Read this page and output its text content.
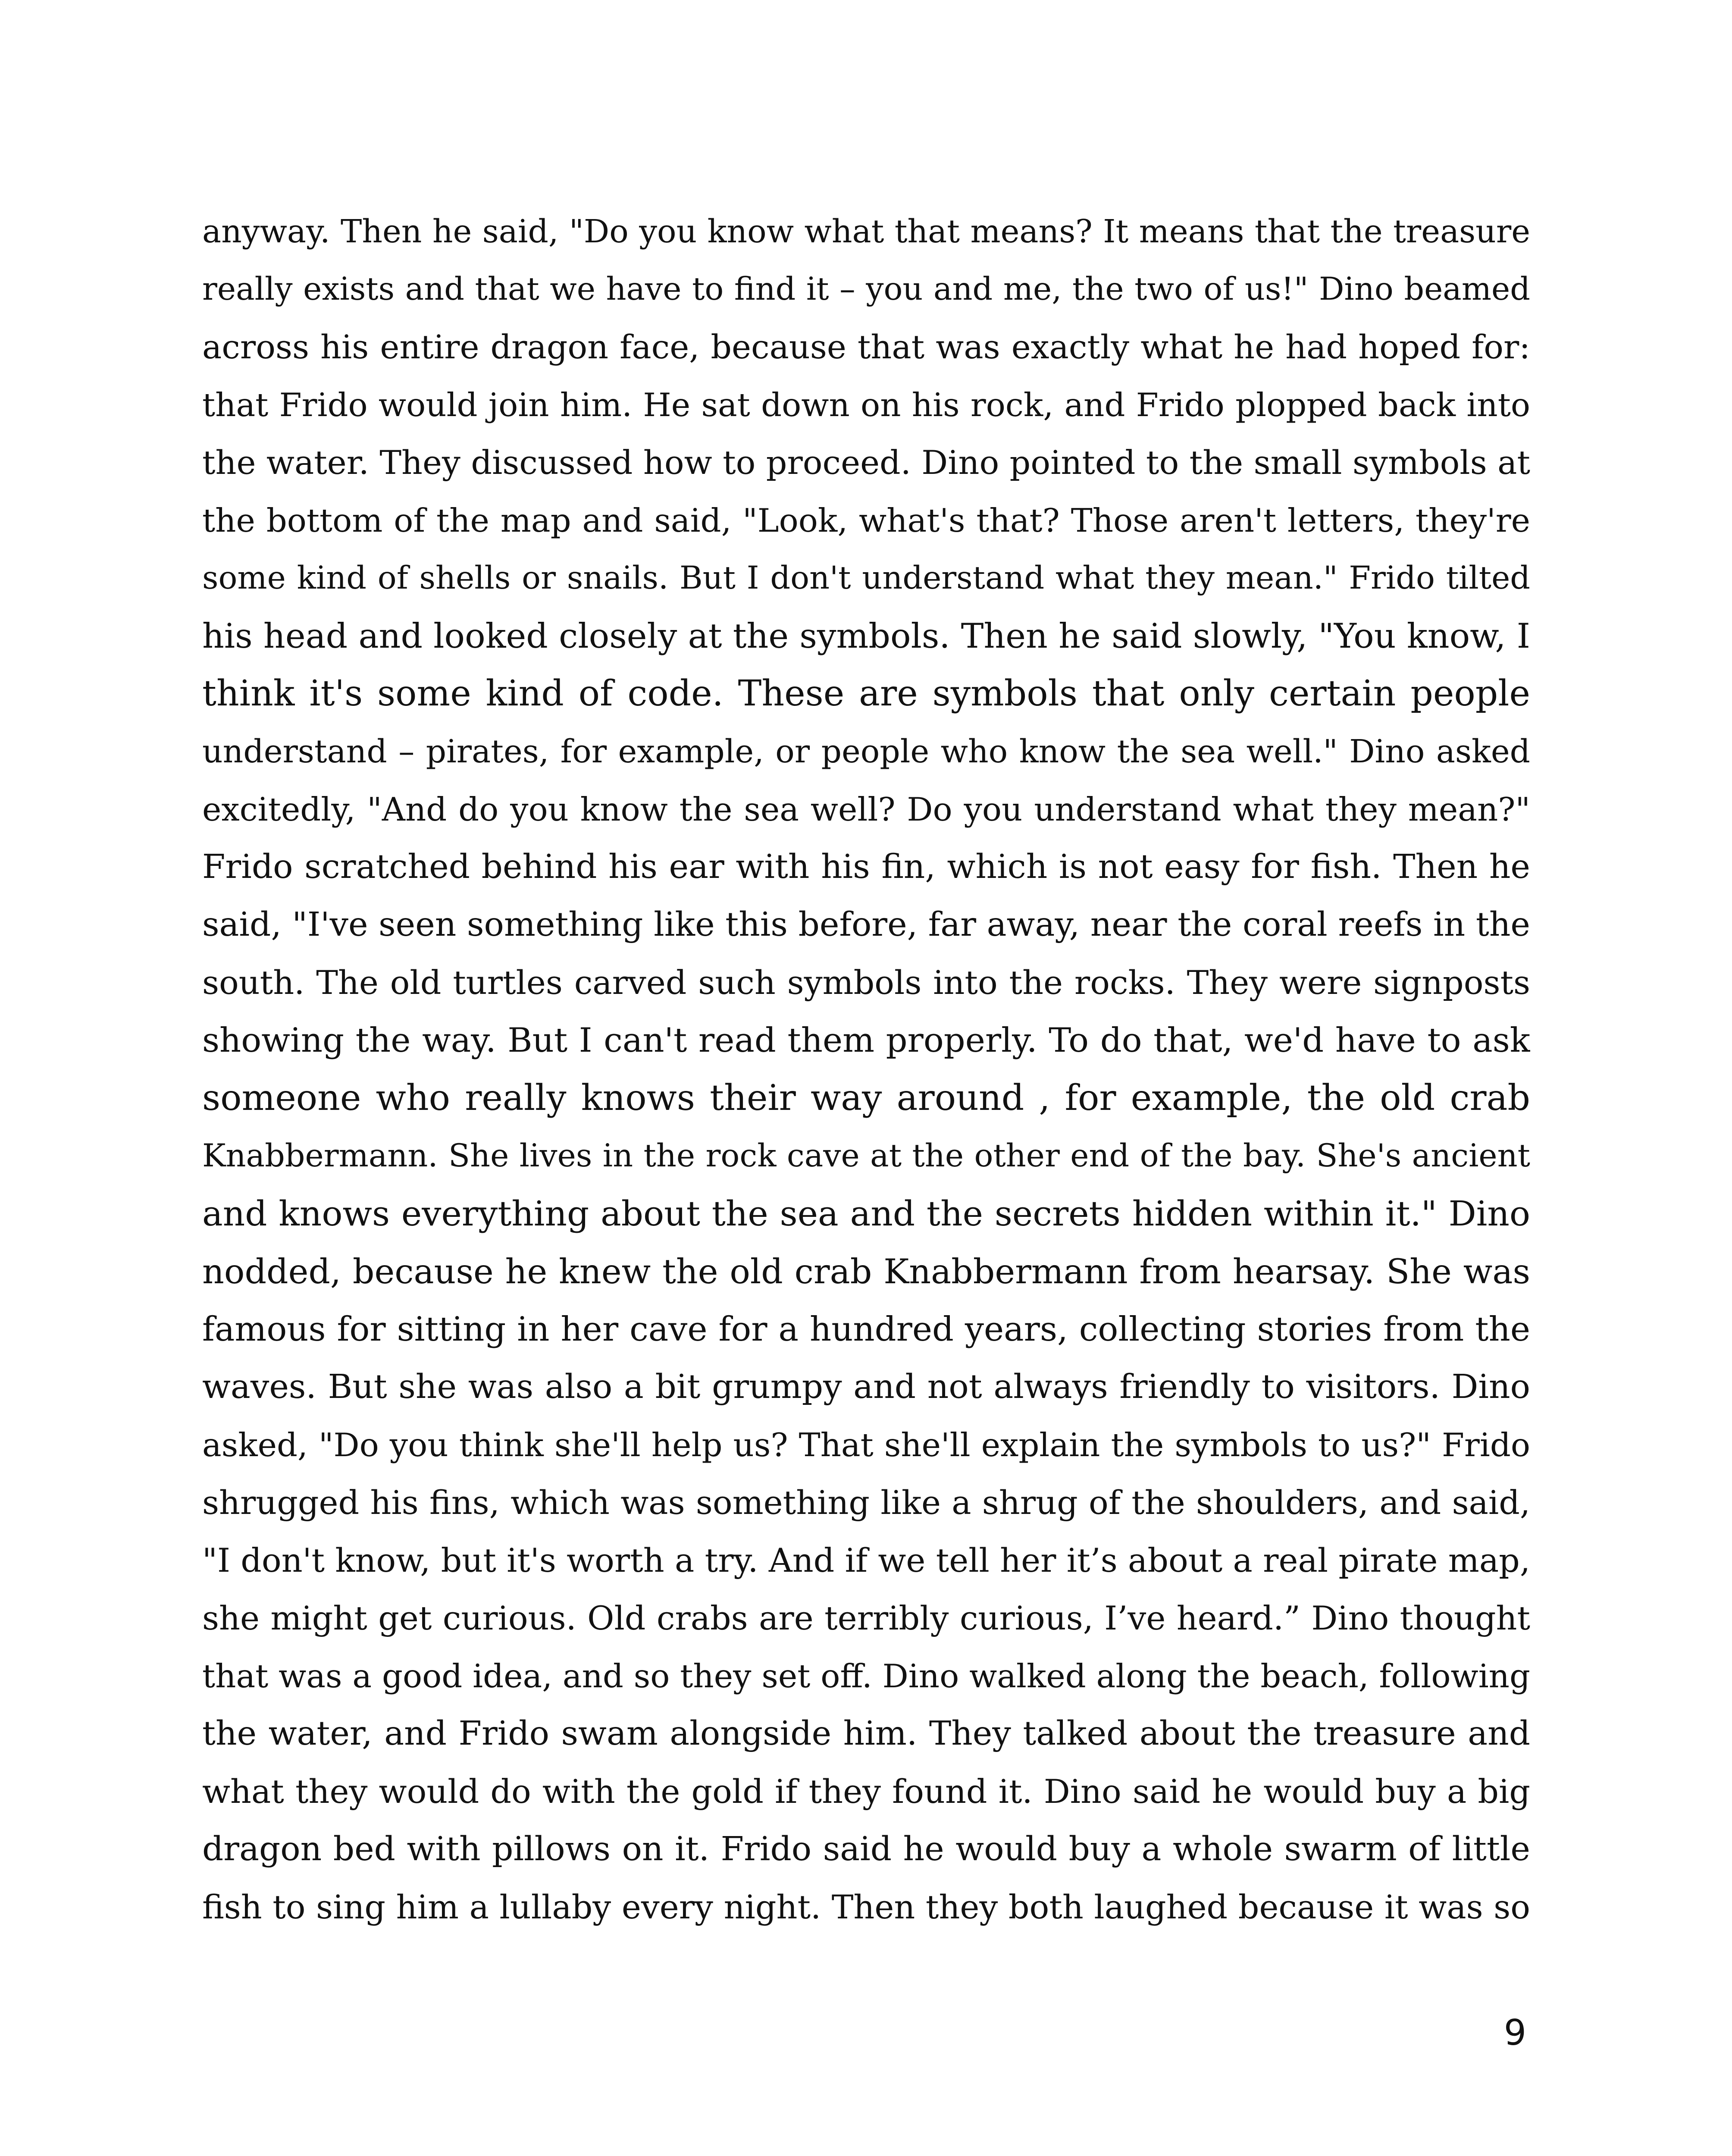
anyway. Then he said, "Do you know what that means? It means that the treasure
really exists and that we have to find it – you and me, the two of us!" Dino beamed
across his entire dragon face, because that was exactly what he had hoped for:
that Frido would join him. He sat down on his rock, and Frido plopped back into
the water. They discussed how to proceed. Dino pointed to the small symbols at
the bottom of the map and said, "Look, what's that? Those aren't letters, they're
some kind of shells or snails. But I don't understand what they mean." Frido tilted
his head and looked closely at the symbols. Then he said slowly, "You know, I
think it's some kind of code. These are symbols that only certain people
understand – pirates, for example, or people who know the sea well." Dino asked
excitedly, "And do you know the sea well? Do you understand what they mean?"
Frido scratched behind his ear with his fin, which is not easy for fish. Then he
said, "I've seen something like this before, far away, near the coral reefs in the
south. The old turtles carved such symbols into the rocks. They were signposts
showing the way. But I can't read them properly. To do that, we'd have to ask
someone who really knows their way around , for example, the old crab
Knabbermann. She lives in the rock cave at the other end of the bay. She's ancient
and knows everything about the sea and the secrets hidden within it." Dino
nodded, because he knew the old crab Knabbermann from hearsay. She was
famous for sitting in her cave for a hundred years, collecting stories from the
waves. But she was also a bit grumpy and not always friendly to visitors. Dino
asked, "Do you think she'll help us? That she'll explain the symbols to us?" Frido
shrugged his fins, which was something like a shrug of the shoulders, and said,
"I don't know, but it's worth a try. And if we tell her it’s about a real pirate map,
she might get curious. Old crabs are terribly curious, I’ve heard.” Dino thought
that was a good idea, and so they set off. Dino walked along the beach, following
the water, and Frido swam alongside him. They talked about the treasure and
what they would do with the gold if they found it. Dino said he would buy a big
dragon bed with pillows on it. Frido said he would buy a whole swarm of little
fish to sing him a lullaby every night. Then they both laughed because it was so
9
